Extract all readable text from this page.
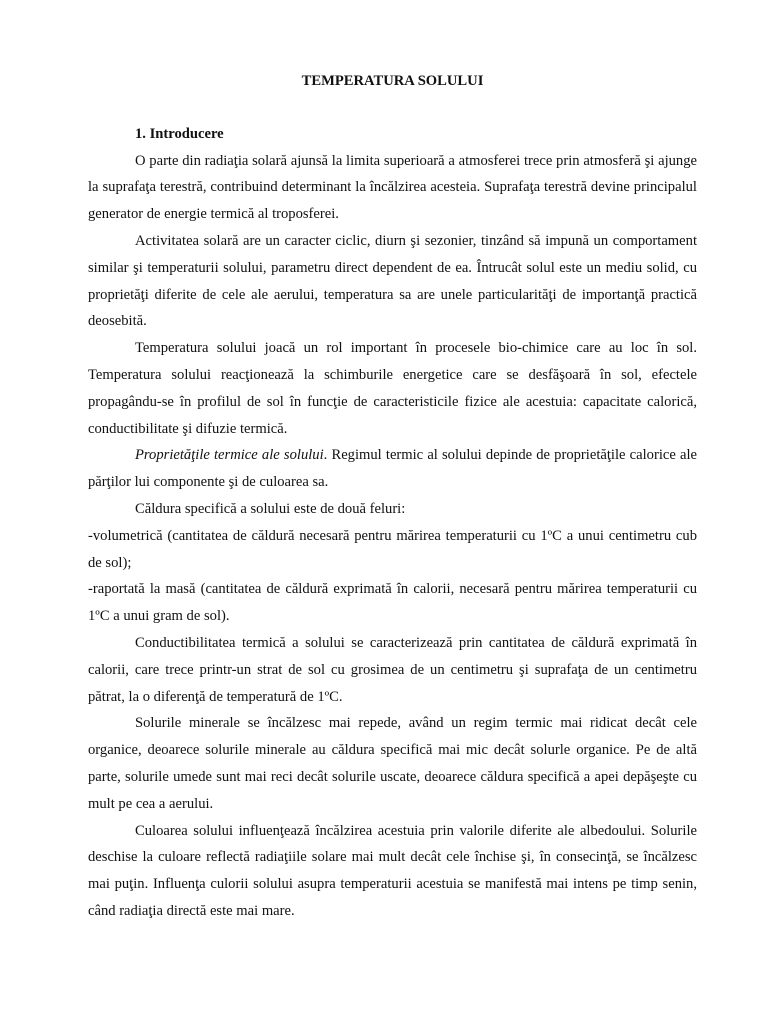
TEMPERATURA SOLULUI
1. Introducere

O parte din radiaţia solară ajunsă la limita superioară a atmosferei trece prin atmosferă şi ajunge la suprafaţa terestră, contribuind determinant la încălzirea acesteia. Suprafaţa terestră devine principalul generator de energie termică al troposferei.

Activitatea solară are un caracter ciclic, diurn şi sezonier, tinzând să impună un comportament similar şi temperaturii solului, parametru direct dependent de ea. Întrucât solul este un mediu solid, cu proprietăţi diferite de cele ale aerului, temperatura sa are unele particularităţi de importanţă practică deosebită.

Temperatura solului joacă un rol important în procesele bio-chimice care au loc în sol. Temperatura solului reacţionează la schimburile energetice care se desfăşoară în sol, efectele propagându-se în profilul de sol în funcţie de caracteristicile fizice ale acestuia: capacitate calorică, conductibilitate şi difuzie termică.

Proprietăţile termice ale solului. Regimul termic al solului depinde de proprietăţile calorice ale părţilor lui componente şi de culoarea sa.

Căldura specifică a solului este de două feluri:

-volumetrică (cantitatea de căldură necesară pentru mărirea temperaturii cu 1ºC a unui centimetru cub de sol);

-raportată la masă (cantitatea de căldură exprimată în calorii, necesară pentru mărirea temperaturii cu 1ºC a unui gram de sol).

Conductibilitatea termică a solului se caracterizează prin cantitatea de căldură exprimată în calorii, care trece printr-un strat de sol cu grosimea de un centimetru şi suprafaţa de un centimetru pătrat, la o diferenţă de temperatură de 1ºC.

Solurile minerale se încălzesc mai repede, având un regim termic mai ridicat decât cele organice, deoarece solurile minerale au căldura specifică mai mic decât solurle organice. Pe de altă parte, solurile umede sunt mai reci decât solurile uscate, deoarece căldura specifică a apei depăşeşte cu mult pe cea a aerului.

Culoarea solului influenţează încălzirea acestuia prin valorile diferite ale albedoului. Solurile deschise la culoare reflectă radiaţiile solare mai mult decât cele închise şi, în consecinţă, se încălzesc mai puţin. Influenţa culorii solului asupra temperaturii acestuia se manifestă mai intens pe timp senin, când radiaţia directă este mai mare.
